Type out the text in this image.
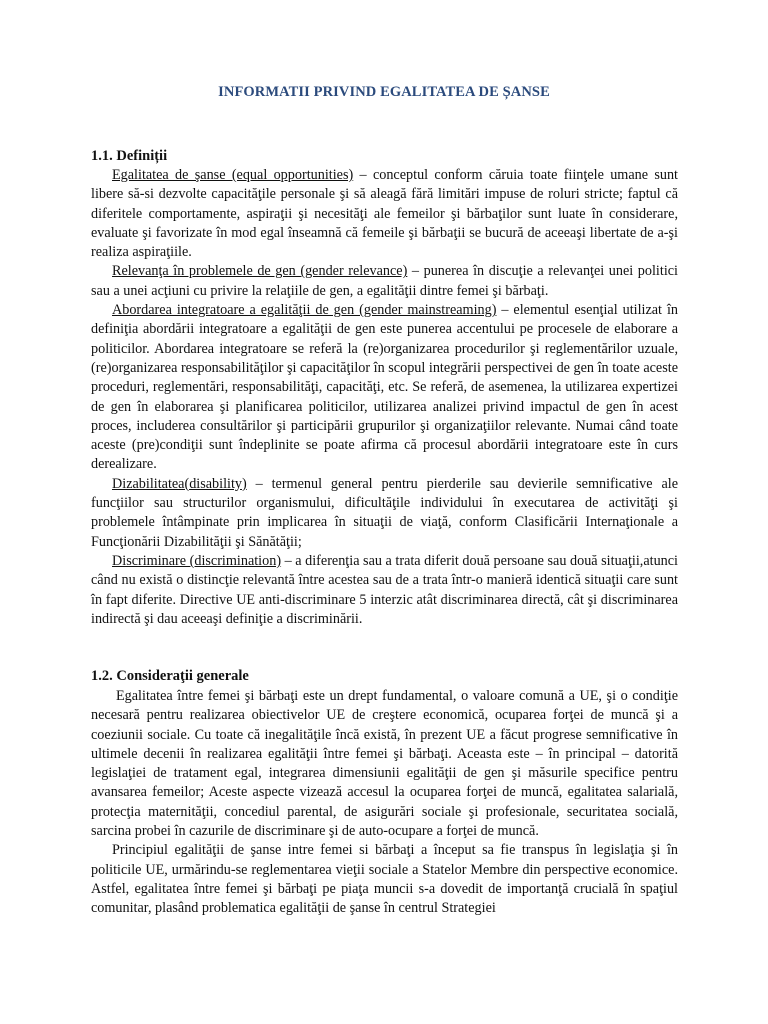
INFORMATII PRIVIND EGALITATEA DE ȘANSE
1.1. Definiții

Egalitatea de şanse (equal opportunities) – conceptul conform căruia toate fiinţele umane sunt libere să-si dezvolte capacităţile personale şi să aleagă fără limitări impuse de roluri stricte; faptul că diferitele comportamente, aspiraţii şi necesităţi ale femeilor şi bărbaţilor sunt luate în considerare, evaluate şi favorizate în mod egal înseamnă că femeile şi bărbaţii se bucură de aceeaşi libertate de a-şi realiza aspiraţiile.

Relevanţa în problemele de gen (gender relevance) – punerea în discuţie a relevanţei unei politici sau a unei acţiuni cu privire la relaţiile de gen, a egalităţii dintre femei şi bărbaţi.

Abordarea integratoare a egalităţii de gen (gender mainstreaming) – elementul esenţial utilizat în definiţia abordării integratoare a egalităţii de gen este punerea accentului pe procesele de elaborare a politicilor. Abordarea integratoare se referă la (re)organizarea procedurilor şi reglementărilor uzuale, (re)organizarea responsabilităţilor şi capacităţilor în scopul integrării perspectivei de gen în toate aceste proceduri, reglementări, responsabilităţi, capacităţi, etc. Se referă, de asemenea, la utilizarea expertizei de gen în elaborarea şi planificarea politicilor, utilizarea analizei privind impactul de gen în acest proces, includerea consultărilor şi participării grupurilor şi organizaţiilor relevante. Numai când toate aceste (pre)condiţii sunt îndeplinite se poate afirma că procesul abordării integratoare este în curs derealizare.

Dizabilitatea(disability) – termenul general pentru pierderile sau devierile semnificative ale funcţiilor sau structurilor organismului, dificultăţile individului în executarea de activităţi şi problemele întâmpinate prin implicarea în situaţii de viaţă, conform Clasificării Internaţionale a Funcţionării Dizabilităţii şi Sănătăţii;

Discriminare (discrimination) – a diferenţia sau a trata diferit două persoane sau două situaţii,atunci când nu există o distincţie relevantă între acestea sau de a trata într-o manieră identică situaţii care sunt în fapt diferite. Directive UE anti-discriminare 5 interzic atât discriminarea directă, cât şi discriminarea indirectă şi dau aceeaşi definiţie a discriminării.

1.2. Consideraţii generale

Egalitatea între femei şi bărbaţi este un drept fundamental, o valoare comună a UE, şi o condiţie necesară pentru realizarea obiectivelor UE de creştere economică, ocuparea forţei de muncă şi a coeziunii sociale. Cu toate că inegalităţile încă există, în prezent UE a făcut progrese semnificative în ultimele decenii în realizarea egalităţii între femei şi bărbaţi. Aceasta este – în principal – datorită legislaţiei de tratament egal, integrarea dimensiunii egalităţii de gen şi măsurile specifice pentru avansarea femeilor; Aceste aspecte vizează accesul la ocuparea forţei de muncă, egalitatea salarială, protecţia maternităţii, concediul parental, de asigurări sociale şi profesionale, securitatea socială, sarcina probei în cazurile de discriminare şi de auto-ocupare a forţei de muncă.

Principiul egalităţii de şanse intre femei si bărbaţi a început sa fie transpus în legislaţia şi în politicile UE, urmărindu-se reglementarea vieţii sociale a Statelor Membre din perspective economice. Astfel, egalitatea între femei şi bărbaţi pe piaţa muncii s-a dovedit de importanţă crucială în spaţiul comunitar, plasând problematica egalităţii de şanse în centrul Strategiei
